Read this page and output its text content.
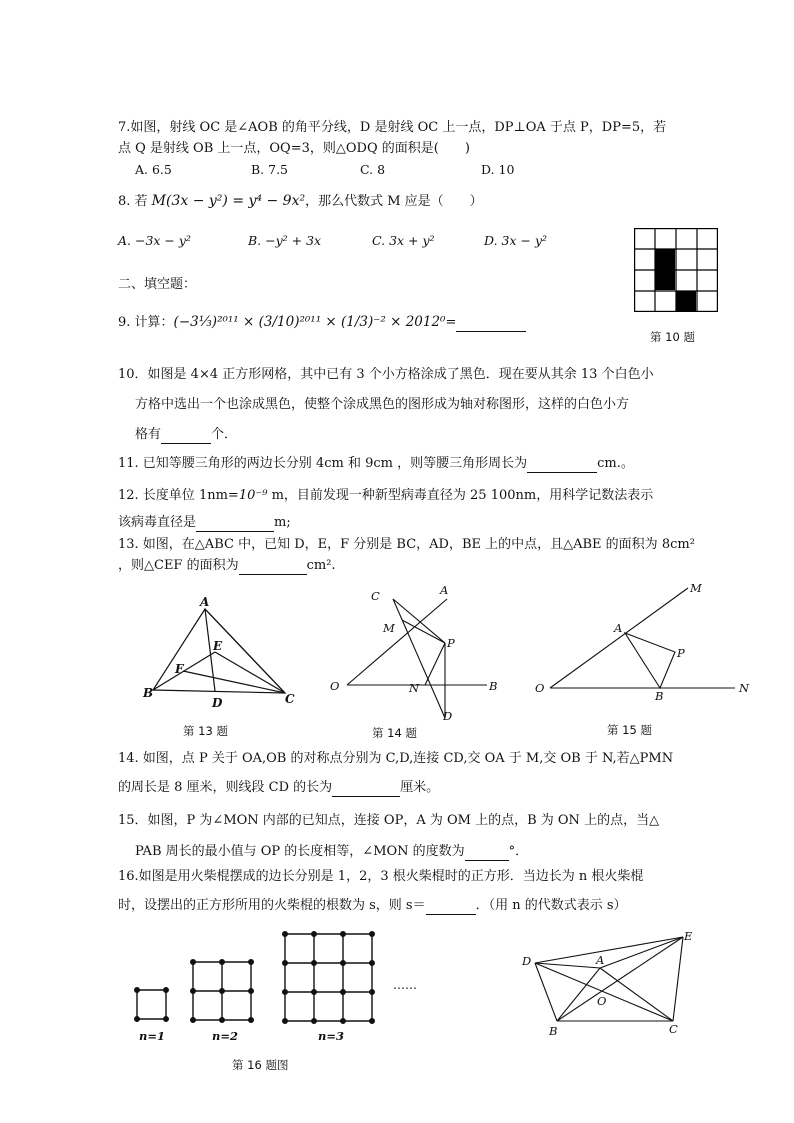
7.如图，射线 OC 是∠AOB 的角平分线，D 是射线 OC 上一点，DP⊥OA 于点 P，DP=5，若
点 Q 是射线 OB 上一点，OQ=3，则△ODQ 的面积是(　　)
A. 6.5	B. 7.5	C. 8	D. 10
8. 若 M(3x − y²) = y⁴ − 9x²，那么代数式 M 应是（　　）
A. −3x − y²	B. −y² + 3x	C. 3x + y²	D. 3x − y²
第 10 题
二、填空题：
9. 计算：(−3⅓)²⁰¹¹ × (3/10)²⁰¹¹ × (1/3)⁻² × 2012⁰=
10．如图是 4×4 正方形网格，其中已有 3 个小方格涂成了黑色．现在要从其余 13 个白色小
方格中选出一个也涂成黑色，使整个涂成黑色的图形成为轴对称图形，这样的白色小方
格有	个．
11. 已知等腰三角形的两边长分别 4cm 和 9cm ，则等腰三角形周长为	cm.。
12. 长度单位 1nm=10⁻⁹ m，目前发现一种新型病毒直径为 25 100nm，用科学记数法表示
该病毒直径是	m;
13. 如图，在△ABC 中，已知 D，E，F 分别是 BC，AD，BE 上的中点，且△ABE 的面积为 8cm²
，则△CEF 的面积为	cm².
A
B	C
D
E
F
第 13 题
C	A
M
P
O	N	B
D
第 14 题
M
A
P
O
B
N
第 15 题
14. 如图，点 P 关于 OA,OB 的对称点分别为 C,D,连接 CD,交 OA 于 M,交 OB 于 N,若△PMN
的周长是 8 厘米，则线段 CD 的长为	厘米。
15．如图，P 为∠MON 内部的已知点，连接 OP，A 为 OM 上的点，B 为 ON 上的点，当△
PAB 周长的最小值与 OP 的长度相等，∠MON 的度数为	°．
16.如图是用火柴棍摆成的边长分别是 1，2，3 根火柴棍时的正方形．当边长为 n 根火柴棍
时，设摆出的正方形所用的火柴棍的根数为 s，则 s＝	．（用 n 的代数式表示 s）
n=1	n=2	n=3
……
第 16 题图
D	A
E
O
B	C
